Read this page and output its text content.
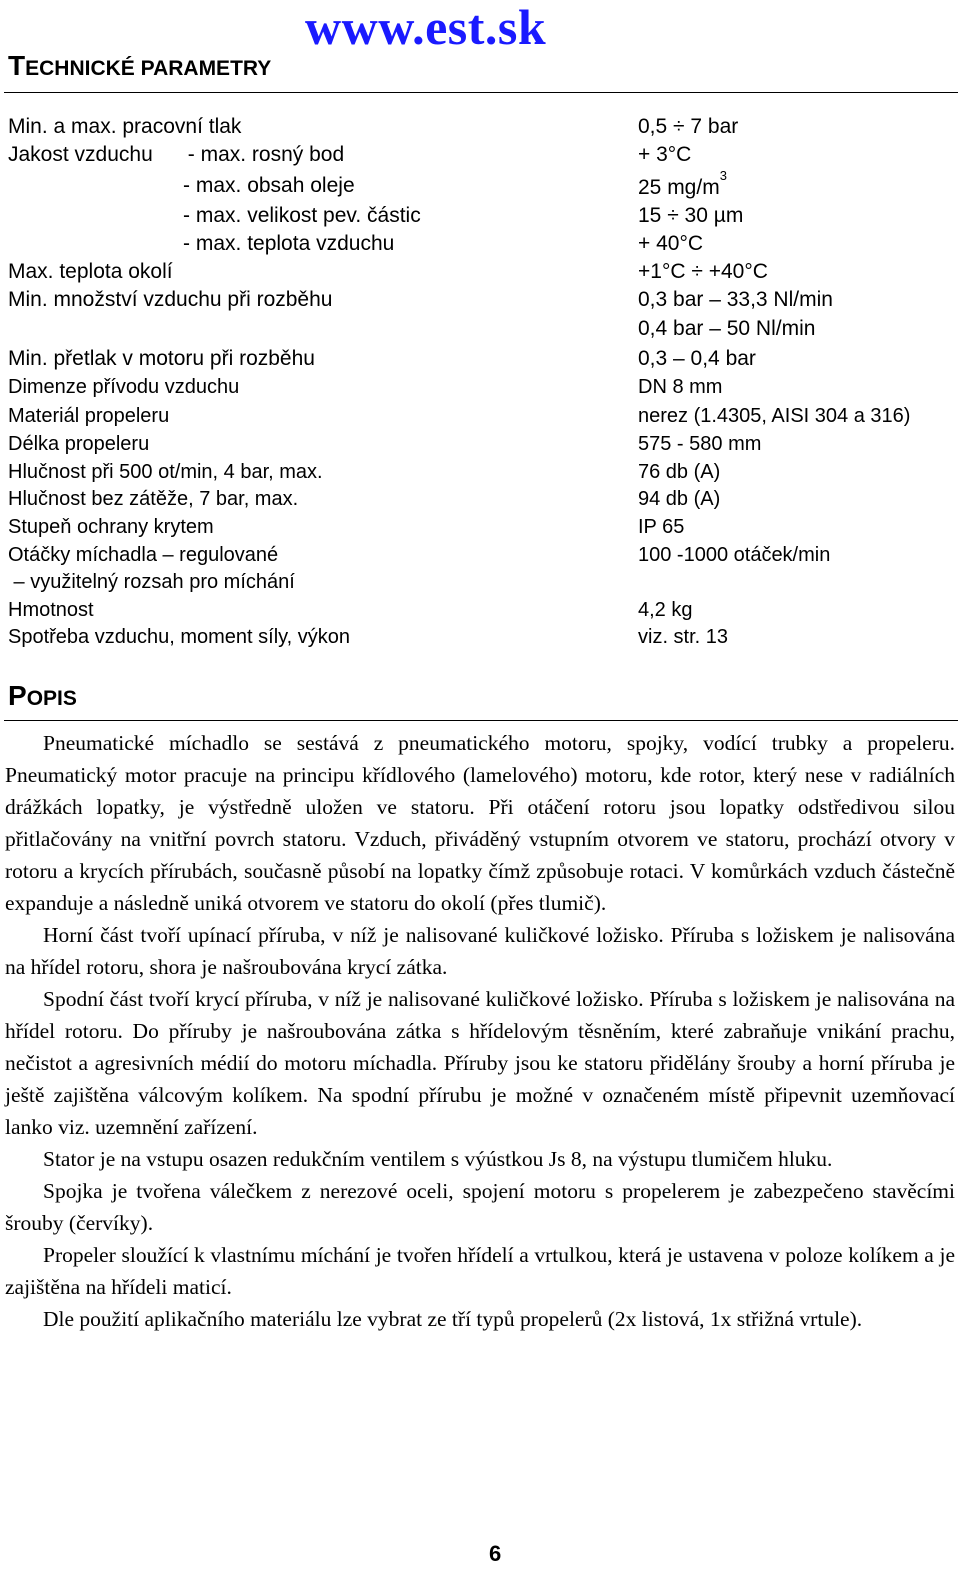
www.est.sk
TECHNICKÉ PARAMETRY
Min. a max. pracovní tlak	0,5 ÷ 7 bar
Jakost vzduchu      - max. rosný bod	+ 3°C
- max. obsah oleje	25 $mg/m^3$
- max. velikost pev. částic	15 ÷ 30 µm
- max. teplota vzduchu	+ 40°C
Max. teplota okolí	+1°C ÷ +40°C
Min. množství vzduchu při rozběhu	0,3 bar – 33,3 Nl/min
0,4 bar – 50 Nl/min
Min. přetlak v motoru při rozběhu	0,3 – 0,4 bar
Dimenze přívodu vzduchu	DN 8 mm
Materiál propeleru	nerez (1.4305, AISI 304 a 316)
Délka propeleru	575 - 580 mm
Hlučnost při 500 ot/min, 4 bar, max.	76 db (A)
Hlučnost bez zátěže, 7 bar, max.	94 db (A)
Stupeň ochrany krytem	IP 65
Otáčky míchadla – regulované	100 -1000 otáček/min
– využitelný rozsah pro míchání
Hmotnost	4,2 kg
Spotřeba vzduchu, moment síly, výkon	viz. str. 13
POPIS

Pneumatické míchadlo se sestává z pneumatického motoru, spojky, vodící trubky a propeleru. Pneumatický motor pracuje na principu křídlového (lamelového) motoru, kde rotor, který nese v radiálních drážkách lopatky, je výstředně uložen ve statoru. Při otáčení rotoru jsou lopatky odstředivou silou přitlačovány na vnitřní povrch statoru. Vzduch, přiváděný vstupním otvorem ve statoru, prochází otvory v rotoru a krycích přírubách, současně působí na lopatky čímž způsobuje rotaci. V komůrkách vzduch částečně expanduje a následně uniká otvorem ve statoru do okolí (přes tlumič).

Horní část tvoří upínací příruba, v níž je nalisované kuličkové ložisko. Příruba s ložiskem je nalisována na hřídel rotoru, shora je našroubována krycí zátka.

Spodní část tvoří krycí příruba, v níž je nalisované kuličkové ložisko. Příruba s ložiskem je nalisována na hřídel rotoru. Do příruby je našroubována zátka s hřídelovým těsněním, které zabraňuje vnikání prachu, nečistot a agresivních médií do motoru míchadla. Příruby jsou ke statoru přidělány šrouby a horní příruba je ještě zajištěna válcovým kolíkem. Na spodní přírubu je možné v označeném místě připevnit uzemňovací lanko viz. uzemnění zařízení.

Stator je na vstupu osazen redukčním ventilem s výústkou Js 8, na výstupu tlumičem hluku.

Spojka je tvořena válečkem z nerezové oceli, spojení motoru s propelerem je zabezpečeno stavěcími šrouby (červíky).

Propeler sloužící k vlastnímu míchání je tvořen hřídelí a vrtulkou, která je ustavena v poloze kolíkem a je zajištěna na hřídeli maticí.

Dle použití aplikačního materiálu lze vybrat ze tří typů propelerů (2x listová, 1x střižná vrtule).

6
